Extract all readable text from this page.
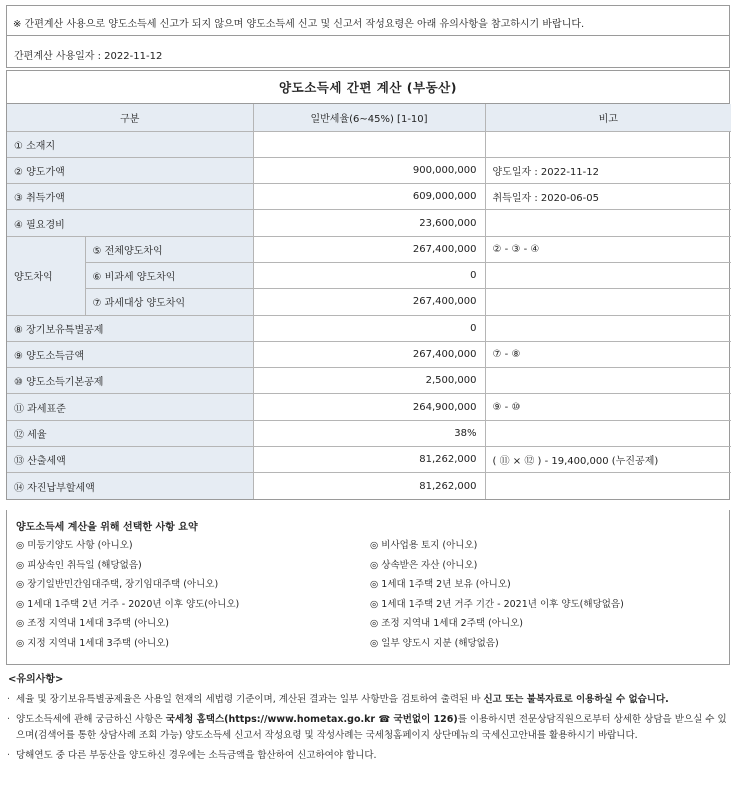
※ 간편계산 사용으로 양도소득세 신고가 되지 않으며 양도소득세 신고 및 신고서 작성요령은 아래 유의사항을 참고하시기 바랍니다.
간편계산 사용일자 : 2022-11-12
양도소득세 간편 계산 (부동산)
구분		일반세율(6~45%) [1-10]	비고
① 소재지			
② 양도가액		900,000,000	양도일자 : 2022-11-12
③ 취득가액		609,000,000	취득일자 : 2020-06-05
④ 필요경비		23,600,000	
양도차익	⑤ 전체양도차익	267,400,000	② - ③ - ④
	⑥ 비과세 양도차익	0	
	⑦ 과세대상 양도차익	267,400,000	
⑧ 장기보유특별공제		0	
⑨ 양도소득금액		267,400,000	⑦ - ⑧
⑩ 양도소득기본공제		2,500,000	
⑪ 과세표준		264,900,000	⑨ - ⑩
⑫ 세율		38%	
⑬ 산출세액		81,262,000	( ⑪ × ⑫ ) - 19,400,000 (누진공제)
⑭ 자진납부할세액		81,262,000	
양도소득세 계산을 위해 선택한 사항 요약
◎ 미등기양도 사항 (아니오)	◎ 비사업용 토지 (아니오)
◎ 피상속인 취득일 (해당없음)	◎ 상속받은 자산 (아니오)
◎ 장기일반민간임대주택, 장기임대주택 (아니오)	◎ 1세대 1주택 2년 보유 (아니오)
◎ 1세대 1주택 2년 거주 - 2020년 이후 양도(아니오)	◎ 1세대 1주택 2년 거주 기간 - 2021년 이후 양도(해당없음)
◎ 조정 지역내 1세대 3주택 (아니오)	◎ 조정 지역내 1세대 2주택 (아니오)
◎ 지정 지역내 1세대 3주택 (아니오)	◎ 일부 양도시 지분 (해당없음)
<유의사항>
· 세율 및 장기보유특별공제율은 사용일 현재의 세법령 기준이며, 계산된 결과는 일부 사항만을 검토하여 출력된 바 신고 또는 불복자료로 이용하실 수 없습니다.
· 양도소득세에 관해 궁금하신 사항은 국세청 홈택스(https://www.hometax.go.kr ☎ 국번없이 126)를 이용하시면 전문상담직원으로부터 상세한 상담을 받으실 수 있으며(검색어를 통한 상담사례 조회 가능) 양도소득세 신고서 작성요령 및 작성사례는 국세청홈페이지 상단메뉴의 국세신고안내를 활용하시기 바랍니다.
· 당해연도 중 다른 부동산을 양도하신 경우에는 소득금액을 합산하여 신고하여야 합니다.
